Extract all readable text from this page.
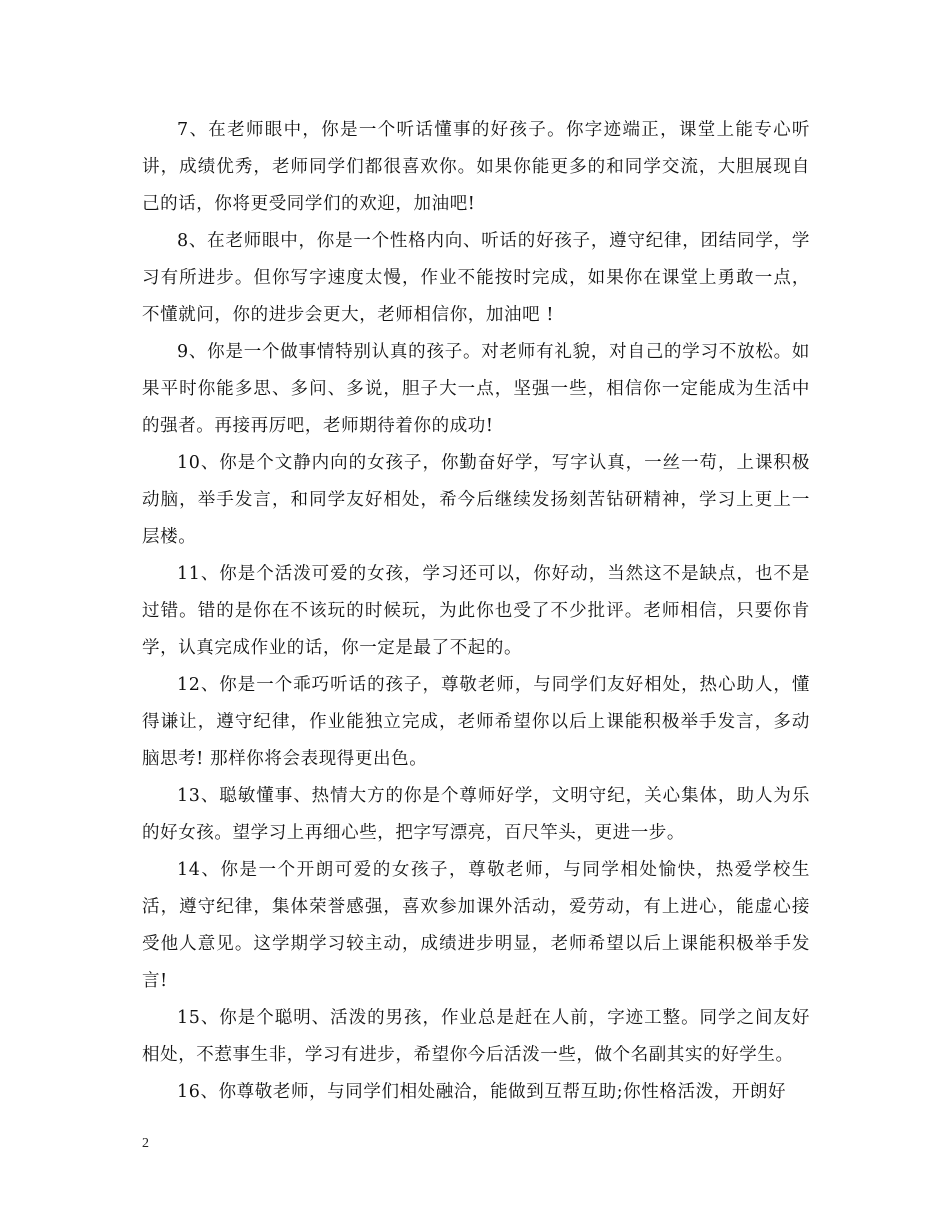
7、在老师眼中，你是一个听话懂事的好孩子。你字迹端正，课堂上能专心听讲，成绩优秀，老师同学们都很喜欢你。如果你能更多的和同学交流，大胆展现自己的话，你将更受同学们的欢迎，加油吧!

8、在老师眼中，你是一个性格内向、听话的好孩子，遵守纪律，团结同学，学习有所进步。但你写字速度太慢，作业不能按时完成，如果你在课堂上勇敢一点，不懂就问，你的进步会更大，老师相信你，加油吧 !

9、你是一个做事情特别认真的孩子。对老师有礼貌，对自己的学习不放松。如果平时你能多思、多问、多说，胆子大一点，坚强一些，相信你一定能成为生活中的强者。再接再厉吧，老师期待着你的成功!

10、你是个文静内向的女孩子，你勤奋好学，写字认真，一丝一苟，上课积极动脑，举手发言，和同学友好相处，希今后继续发扬刻苦钻研精神，学习上更上一层楼。

11、你是个活泼可爱的女孩，学习还可以，你好动，当然这不是缺点，也不是过错。错的是你在不该玩的时候玩，为此你也受了不少批评。老师相信，只要你肯学，认真完成作业的话，你一定是最了不起的。

12、你是一个乖巧听话的孩子，尊敬老师，与同学们友好相处，热心助人，懂得谦让，遵守纪律，作业能独立完成，老师希望你以后上课能积极举手发言，多动脑思考! 那样你将会表现得更出色。

13、聪敏懂事、热情大方的你是个尊师好学，文明守纪，关心集体，助人为乐的好女孩。望学习上再细心些，把字写漂亮，百尺竿头，更进一步。

14、你是一个开朗可爱的女孩子，尊敬老师，与同学相处愉快，热爱学校生活，遵守纪律，集体荣誉感强，喜欢参加课外活动，爱劳动，有上进心，能虚心接受他人意见。这学期学习较主动，成绩进步明显，老师希望以后上课能积极举手发言!

15、你是个聪明、活泼的男孩，作业总是赶在人前，字迹工整。同学之间友好相处，不惹事生非，学习有进步，希望你今后活泼一些，做个名副其实的好学生。

16、你尊敬老师，与同学们相处融洽，能做到互帮互助;你性格活泼，开朗好

2
